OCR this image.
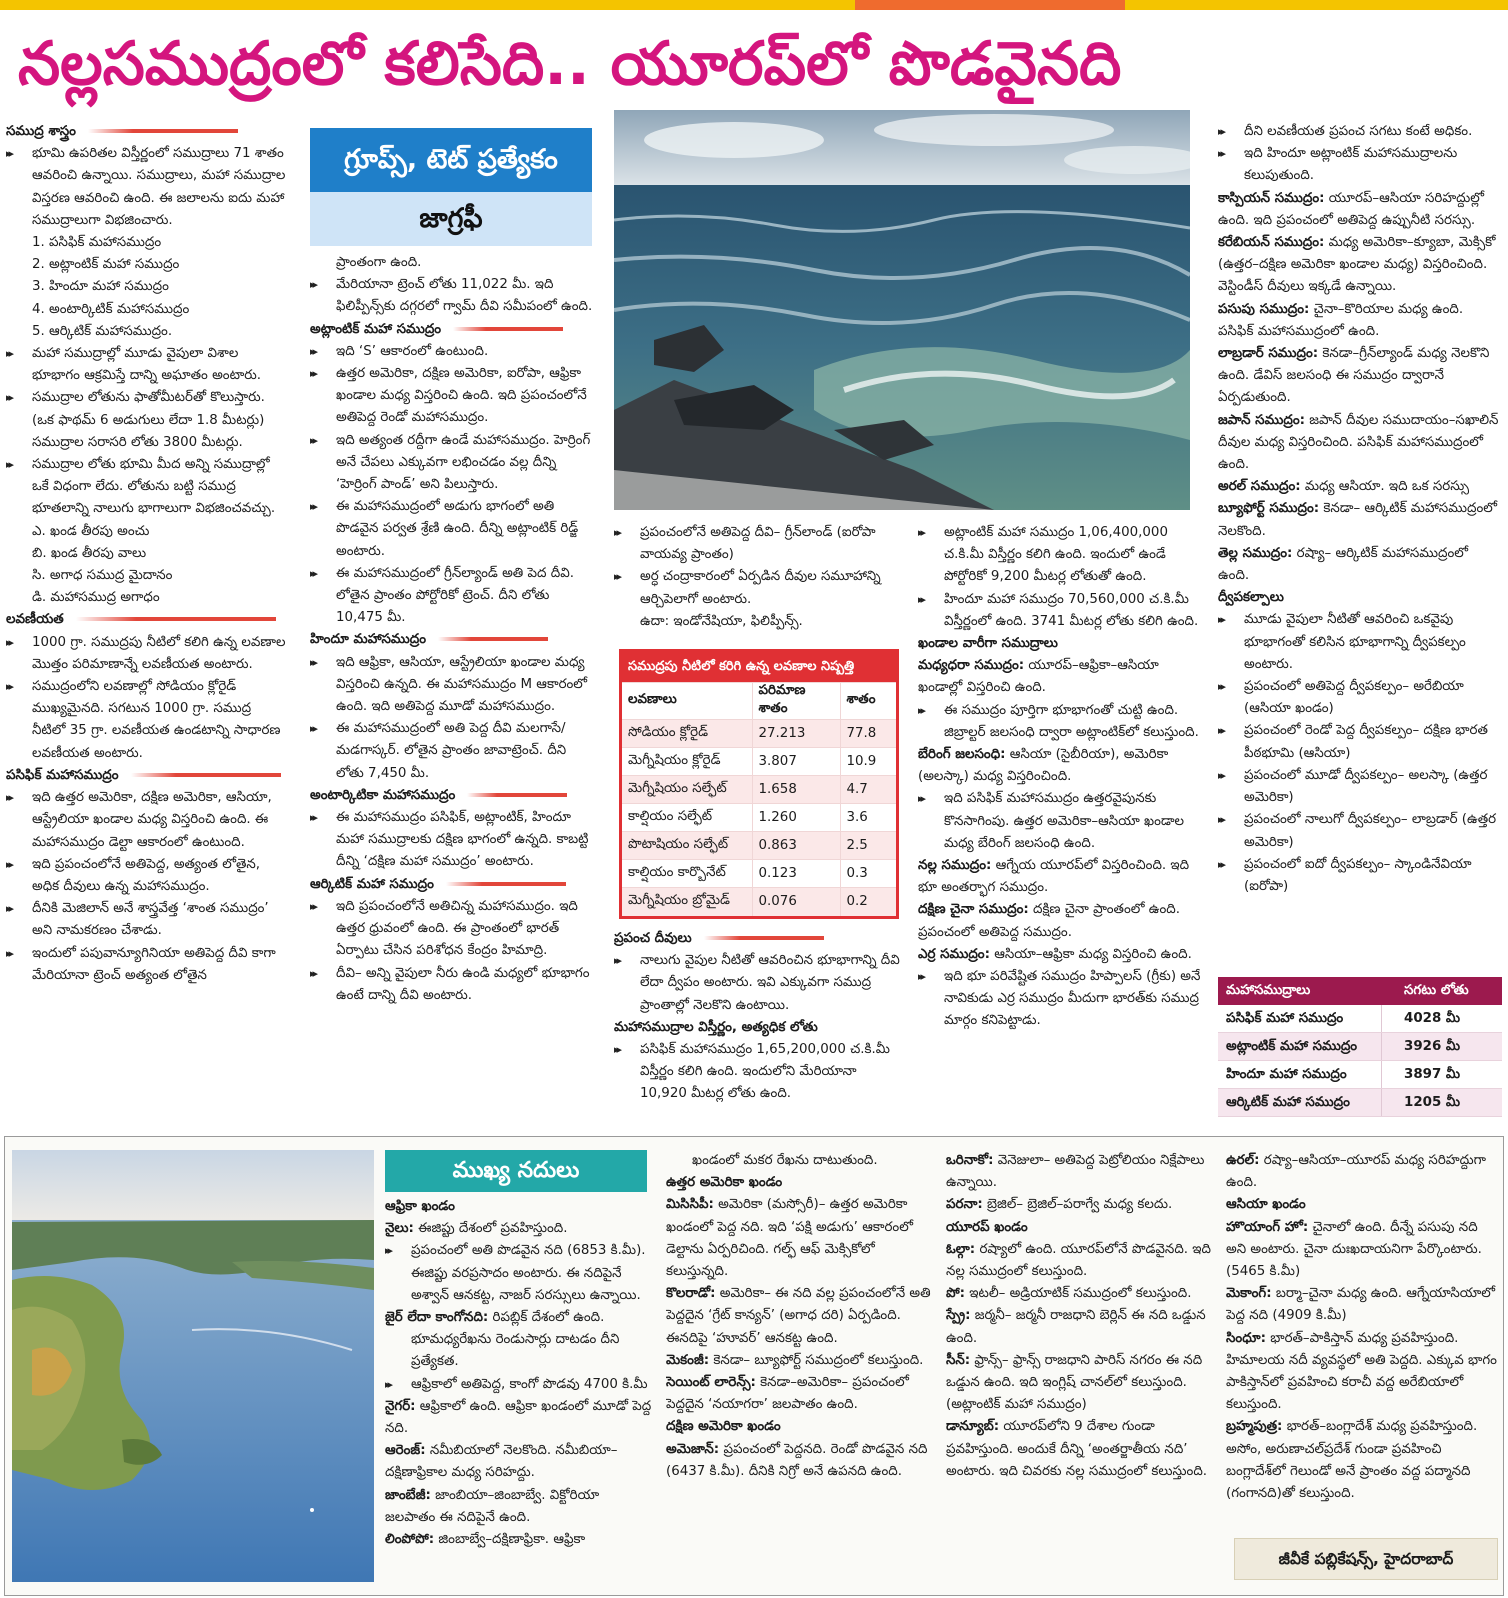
నల్లసముద్రంలో కలిసేది.. యూరప్‌లో పొడవైనది

సముద్ర శాస్త్రం

▸▸ భూమి ఉపరితల విస్తీర్ణంలో సముద్రాలు 71 శాతం ఆవరించి ఉన్నాయి. సముద్రాలు, మహా సముద్రాల విస్తరణ ఆవరించి ఉంది. ఈ జలాలను ఐదు మహా సముద్రాలుగా విభజించారు.

1. పసిఫిక్‌ మహాసముద్రం

2. అట్లాంటిక్‌ మహా సముద్రం

3. హిందూ మహా సముద్రం

4. అంటార్కిటిక్‌ మహాసముద్రం

5. ఆర్కిటిక్‌ మహాసముద్రం.

▸▸ మహా సముద్రాల్లో మూడు వైపులా విశాల భూభాగం ఆక్రమిస్తే దాన్ని అఘాతం అంటారు.

▸▸ సముద్రాల లోతును ఫాతోమీటర్‌తో కొలుస్తారు. (ఒక ఫాథమ్‌ 6 అడుగులు లేదా 1.8 మీటర్లు) సముద్రాల సరాసరి లోతు 3800 మీటర్లు.

▸▸ సముద్రాల లోతు భూమి మీద అన్ని సముద్రాల్లో ఒకే విధంగా లేదు. లోతును బట్టి సముద్ర భూతలాన్ని నాలుగు భాగాలుగా విభజించవచ్చు.

ఎ. ఖండ తీరపు అంచు

బి. ఖండ తీరపు వాలు

సి. అగాధ సముద్ర మైదానం

డి. మహాసముద్ర అగాధం

లవణీయత

▸▸ 1000 గ్రా. సముద్రపు నీటిలో కలిగి ఉన్న లవణాల మొత్తం పరిమాణాన్నే లవణీయత అంటారు.

▸▸ సముద్రంలోని లవణాల్లో సోడియం క్లోరైడ్‌ ముఖ్యమైనది. సగటున 1000 గ్రా. సముద్ర నీటిలో 35 గ్రా. లవణీయత ఉండటాన్ని సాధారణ లవణీయత అంటారు.

పసిఫిక్‌ మహాసముద్రం

▸▸ ఇది ఉత్తర అమెరికా, దక్షిణ అమెరికా, ఆసియా, ఆస్ట్రేలియా ఖండాల మధ్య విస్తరించి ఉంది. ఈ మహాసముద్రం డెల్టా ఆకారంలో ఉంటుంది.

▸▸ ఇది ప్రపంచంలోనే అతిపెద్ద, అత్యంత లోతైన, అధిక దీవులు ఉన్న మహాసముద్రం.

▸▸ దీనికి మెజిలాన్‌ అనే శాస్త్రవేత్త ‘శాంత సముద్రం’ అని నామకరణం చేశాడు.

▸▸ ఇందులో పపువాన్యూగినియా అతిపెద్ద దీవి కాగా మేరియానా ట్రెంచ్‌ అత్యంత లోతైన

గ్రూప్స్‌, టెట్‌ ప్రత్యేకం
జాగ్రఫీ

ప్రాంతంగా ఉంది.

▸▸ మేరియానా ట్రెంచ్‌ లోతు 11,022 మీ. ఇది ఫిలిప్పీన్స్‌కు దగ్గరలో గ్వామ్‌ దీవి సమీపంలో ఉంది.

అట్లాంటిక్‌ మహా సముద్రం

▸▸ ఇది ‘S’ ఆకారంలో ఉంటుంది.

▸▸ ఉత్తర అమెరికా, దక్షిణ అమెరికా, ఐరోపా, ఆఫ్రికా ఖండాల మధ్య విస్తరించి ఉంది. ఇది ప్రపంచంలోనే అతిపెద్ద రెండో మహాసముద్రం.

▸▸ ఇది అత్యంత రద్దీగా ఉండే మహాసముద్రం. హెర్రింగ్‌ అనే చేపలు ఎక్కువగా లభించడం వల్ల దీన్ని ‘హెర్రింగ్‌ పాండ్‌’ అని పిలుస్తారు.

▸▸ ఈ మహాసముద్రంలో అడుగు భాగంలో అతి పొడవైన పర్వత శ్రేణి ఉంది. దీన్ని అట్లాంటిక్‌ రిడ్జ్‌ అంటారు.

▸▸ ఈ మహాసముద్రంలో గ్రీన్‌ల్యాండ్‌ అతి పెద దీవి. లోతైన ప్రాంతం పోర్టోరికో ట్రెంచ్‌. దీని లోతు 10,475 మీ.

హిందూ మహాసముద్రం

▸▸ ఇది ఆఫ్రికా, ఆసియా, ఆస్ట్రేలియా ఖండాల మధ్య విస్తరించి ఉన్నది. ఈ మహాసముద్రం M ఆకారంలో ఉంది. ఇది అతిపెద్ద మూడో మహాసముద్రం.

▸▸ ఈ మహాసముద్రంలో అతి పెద్ద దీవి మలగాసే/మడగాస్కర్‌. లోతైన ప్రాంతం జావాట్రెంచ్‌. దీని లోతు 7,450 మీ.

అంటార్కిటికా మహాసముద్రం

▸▸ ఈ మహాసముద్రం పసిఫిక్‌, అట్లాంటిక్‌, హిందూ మహా సముద్రాలకు దక్షిణ భాగంలో ఉన్నది. కాబట్టి దీన్ని ‘దక్షిణ మహా సముద్రం’ అంటారు.

ఆర్కిటిక్‌ మహా సముద్రం

▸▸ ఇది ప్రపంచంలోనే అతిచిన్న మహాసముద్రం. ఇది ఉత్తర ధ్రువంలో ఉంది. ఈ ప్రాంతంలో భారత్‌ ఏర్పాటు చేసిన పరిశోధన కేంద్రం హిమాద్రి.

▸▸ దీవి– అన్ని వైపులా నీరు ఉండి మధ్యలో భూభాగం ఉంటే దాన్ని దీవి అంటారు.

▸▸ ప్రపంచంలోనే అతిపెద్ద దీవి– గ్రీన్‌లాండ్‌ (ఐరోపా వాయవ్య ప్రాంతం)

▸▸ అర్ధ చంద్రాకారంలో ఏర్పడిన దీవుల సమూహాన్ని ఆర్చిపెలాగో అంటారు.

ఉదా: ఇండోనేషియా, ఫిలిప్పీన్స్‌.

సముద్రపు నీటిలో కరిగి ఉన్న లవణాల నిష్పత్తి
లవణాలు	పరిమాణ శాతం	శాతం
సోడియం క్లోరైడ్‌	27.213	77.8
మెగ్నీషియం క్లోరైడ్‌	3.807	10.9
మెగ్నీషియం సల్ఫేట్‌	1.658	4.7
కాల్షియం సల్ఫేట్‌	1.260	3.6
పొటాషియం సల్ఫేట్‌	0.863	2.5
కాల్షియం కార్బొనేట్‌	0.123	0.3
మెగ్నీషియం బ్రోమైడ్‌	0.076	0.2

ప్రపంచ దీవులు

▸▸ నాలుగు వైపుల నీటితో ఆవరించిన భూభాగాన్ని దీవి లేదా ద్వీపం అంటారు. ఇవి ఎక్కువగా సముద్ర ప్రాంతాల్లో నెలకొని ఉంటాయి.

మహాసముద్రాల విస్తీర్ణం, అత్యధిక లోతు

▸▸ పసిఫిక్‌ మహాసముద్రం 1,65,200,000 చ.కి.మీ విస్తీర్ణం కలిగి ఉంది. ఇందులోని మేరియానా 10,920 మీటర్ల లోతు ఉంది.

▸▸ అట్లాంటిక్‌ మహా సముద్రం 1,06,400,000 చ.కి.మీ విస్తీర్ణం కలిగి ఉంది. ఇందులో ఉండే పోర్టోరికో 9,200 మీటర్ల లోతుతో ఉంది.

▸▸ హిందూ మహా సముద్రం 70,560,000 చ.కి.మీ విస్తీర్ణంలో ఉంది. 3741 మీటర్ల లోతు కలిగి ఉంది.

ఖండాల వారీగా సముద్రాలు

మధ్యధరా సముద్రం: యూరప్‌–ఆఫ్రికా–ఆసియా ఖండాల్లో విస్తరించి ఉంది.

▸▸ ఈ సముద్రం పూర్తిగా భూభాగంతో చుట్టి ఉంది. జిబ్రాల్టర్‌ జలసంధి ద్వారా అట్లాంటిక్‌లో కలుస్తుంది.

బేరింగ్‌ జలసంధి: ఆసియా (సైబీరియా), అమెరికా (అలస్కా) మధ్య విస్తరించింది.

▸▸ ఇది పసిఫిక్‌ మహాసముద్రం ఉత్తరవైపునకు కొనసాగింపు. ఉత్తర అమెరికా–ఆసియా ఖండాల మధ్య బేరింగ్‌ జలసంధి ఉంది.

నల్ల సముద్రం: ఆగ్నేయ యూరప్‌లో విస్తరించింది. ఇది భూ అంతర్భాగ సముద్రం.

దక్షిణ చైనా సముద్రం: దక్షిణ చైనా ప్రాంతంలో ఉంది. ప్రపంచంలో అతిపెద్ద సముద్రం.

ఎర్ర సముద్రం: ఆసియా–ఆఫ్రికా మధ్య విస్తరించి ఉంది.

▸▸ ఇది భూ పరివేష్టిత సముద్రం హిప్పాలస్‌ (గ్రీకు) అనే నావికుడు ఎర్ర సముద్రం మీదుగా భారత్‌కు సముద్ర మార్గం కనిపెట్టాడు.

▸▸ దీని లవణీయత ప్రపంచ సగటు కంటే అధికం.

▸▸ ఇది హిందూ అట్లాంటిక్‌ మహాసముద్రాలను కలుపుతుంది.

కాస్పియన్‌ సముద్రం: యూరప్‌–ఆసియా సరిహద్దుల్లో ఉంది. ఇది ప్రపంచంలో అతిపెద్ద ఉప్పునీటి సరస్సు.

కరేబియన్‌ సముద్రం: మధ్య అమెరికా–క్యూబా, మెక్సికో (ఉత్తర–దక్షిణ అమెరికా ఖండాల మధ్య) విస్తరించింది. వెస్టిండీస్‌ దీవులు ఇక్కడే ఉన్నాయి.

పసుపు సముద్రం: చైనా–కొరియాల మధ్య ఉంది. పసిఫిక్‌ మహాసముద్రంలో ఉంది.

లాబ్రడార్‌ సముద్రం: కెనడా–గ్రీన్‌ల్యాండ్‌ మధ్య నెలకొని ఉంది. డేవిస్‌ జలసంధి ఈ సముద్రం ద్వారానే ఏర్పడుతుంది.

జపాన్‌ సముద్రం: జపాన్‌ దీవుల సముదాయం–సఖాలిన్‌ దీవుల మధ్య విస్తరించింది. పసిఫిక్‌ మహాసముద్రంలో ఉంది.

అరల్‌ సముద్రం: మధ్య ఆసియా. ఇది ఒక సరస్సు

బ్యూఫోర్ట్‌ సముద్రం: కెనడా– ఆర్కిటిక్‌ మహాసముద్రంలో నెలకొంది.

తెల్ల సముద్రం: రష్యా– ఆర్కిటిక్‌ మహాసముద్రంలో ఉంది.

ద్వీపకల్పాలు

▸▸ మూడు వైపులా నీటితో ఆవరించి ఒకవైపు భూభాగంతో కలిసిన భూభాగాన్ని ద్వీపకల్పం అంటారు.

▸▸ ప్రపంచంలో అతిపెద్ద ద్వీపకల్పం– అరేబియా (ఆసియా ఖండం)

▸▸ ప్రపంచంలో రెండో పెద్ద ద్వీపకల్పం– దక్షిణ భారత పీఠభూమి (ఆసియా)

▸▸ ప్రపంచంలో మూడో ద్వీపకల్పం– అలస్కా (ఉత్తర అమెరికా)

▸▸ ప్రపంచంలో నాలుగో ద్వీపకల్పం– లాబ్రడార్‌ (ఉత్తర అమెరికా)

▸▸ ప్రపంచంలో ఐదో ద్వీపకల్పం– స్కాండినేవియా (ఐరోపా)

మహాసముద్రాలు	సగటు లోతు
పసిఫిక్‌ మహా సముద్రం	4028 మీ
అట్లాంటిక్‌ మహా సముద్రం	3926 మీ
హిందూ మహా సముద్రం	3897 మీ
ఆర్కిటిక్‌ మహా సముద్రం	1205 మీ
ముఖ్య నదులు

ఆఫ్రికా ఖండం

నైలు: ఈజిప్టు దేశంలో ప్రవహిస్తుంది.

▸▸ ప్రపంచంలో అతి పొడవైన నది (6853 కి.మీ). ఈజిప్టు వరప్రసాదం అంటారు. ఈ నదిపైనే అశ్వాన్‌ ఆనకట్ట, నాజర్‌ సరస్సులు ఉన్నాయి.

జైర్‌ లేదా కాంగోనది: రిపబ్లిక్‌ దేశంలో ఉంది.

భూమధ్యరేఖను రెండుసార్లు దాటడం దీని ప్రత్యేకత.

▸▸ ఆఫ్రికాలో అతిపెద్ద, కాంగో పొడవు 4700 కి.మీ

నైగర్‌: ఆఫ్రికాలో ఉంది. ఆఫ్రికా ఖండంలో మూడో పెద్ద నది.

ఆరెంజ్‌: నమీబియాలో నెలకొంది. నమీబియా–దక్షిణాఫ్రికాల మధ్య సరిహద్దు.

జాంబేజీ: జాంబియా–జింబాబ్వే. విక్టోరియా జలపాతం ఈ నదిపైనే ఉంది.

లింపోపో: జింబాబ్వే–దక్షిణాఫ్రికా. ఆఫ్రికా

ఖండంలో మకర రేఖను దాటుతుంది.

ఉత్తర అమెరికా ఖండం

మిసిసిపీ: అమెరికా (మస్సోరీ)– ఉత్తర అమెరికా ఖండంలో పెద్ద నది. ఇది ‘పక్షి అడుగు’ ఆకారంలో డెల్టాను ఏర్పరిచింది. గల్ఫ్‌ ఆఫ్‌ మెక్సికోలో కలుస్తున్నది.

కొలరాడో: అమెరికా– ఈ నది వల్ల ప్రపంచంలోనే అతి పెద్దదైన ‘గ్రేట్‌ కాన్యన్‌’ (అగాధ దరి) ఏర్పడింది. ఈనదిపై ‘హూవర్‌’ ఆనకట్ట ఉంది.

మెకంజీ: కెనడా– బ్యూఫోర్ట్‌ సముద్రంలో కలుస్తుంది.

సెయింట్‌ లారెన్స్‌: కెనడా–అమెరికా– ప్రపంచంలో పెద్దదైన ‘నయాగరా’ జలపాతం ఉంది.

దక్షిణ అమెరికా ఖండం

అమెజాన్‌: ప్రపంచంలో పెద్దనది. రెండో పొడవైన నది (6437 కి.మీ). దీనికి నిగ్రో అనే ఉపనది ఉంది.

ఒరినాకో: వెనెజులా– అతిపెద్ద పెట్రోలియం నిక్షేపాలు ఉన్నాయి.

పరనా: బ్రెజిల్‌– బ్రెజిల్‌–పరాగ్వే మధ్య కలదు.

యూరప్‌ ఖండం

ఓల్గా: రష్యాలో ఉంది. యూరప్‌లోనే పొడవైనది. ఇది నల్ల సముద్రంలో కలుస్తుంది.

పో: ఇటలీ– అడ్రియాటిక్‌ సముద్రంలో కలుస్తుంది.

స్ప్రే: జర్మనీ– జర్మనీ రాజధాని బెర్లిన్‌ ఈ నది ఒడ్డున ఉంది.

సీన్‌: ఫ్రాన్స్‌– ఫ్రాన్స్‌ రాజధాని పారిస్‌ నగరం ఈ నది ఒడ్డున ఉంది. ఇది ఇంగ్లిష్‌ చానల్‌లో కలుస్తుంది. (అట్లాంటిక్‌ మహా సముద్రం)

డాన్యూబ్‌: యూరప్‌లోని 9 దేశాల గుండా ప్రవహిస్తుంది. అందుకే దీన్ని ‘అంతర్జాతీయ నది’ అంటారు. ఇది చివరకు నల్ల సముద్రంలో కలుస్తుంది.

ఉరల్‌: రష్యా–ఆసియా–యూరప్‌ మధ్య సరిహద్దుగా ఉంది.

ఆసియా ఖండం

హొయాంగ్‌ హో: చైనాలో ఉంది. దీన్నే పసుపు నది అని అంటారు. చైనా దుఃఖదాయనిగా పేర్కొంటారు. (5465 కి.మీ)

మెకాంగ్‌: బర్మా–చైనా మధ్య ఉంది. ఆగ్నేయాసియాలో పెద్ద నది (4909 కి.మీ)

సింధూ: భారత్‌–పాకిస్తాన్‌ మధ్య ప్రవహిస్తుంది. హిమాలయ నదీ వ్యవస్థలో అతి పెద్దది. ఎక్కువ భాగం పాకిస్తాన్‌లో ప్రవహించి కరాచీ వద్ద అరేబియాలో కలుస్తుంది.

బ్రహ్మపుత్ర: భారత్‌–బంగ్లాదేశ్‌ మధ్య ప్రవహిస్తుంది. అసోం, అరుణాచల్‌ప్రదేశ్‌ గుండా ప్రవహించి బంగ్లాదేశ్‌లో గెలుండో అనే ప్రాంతం వద్ద పద్మానది (గంగానది)తో కలుస్తుంది.

జీవీకే పబ్లికేషన్స్‌, హైదరాబాద్‌
